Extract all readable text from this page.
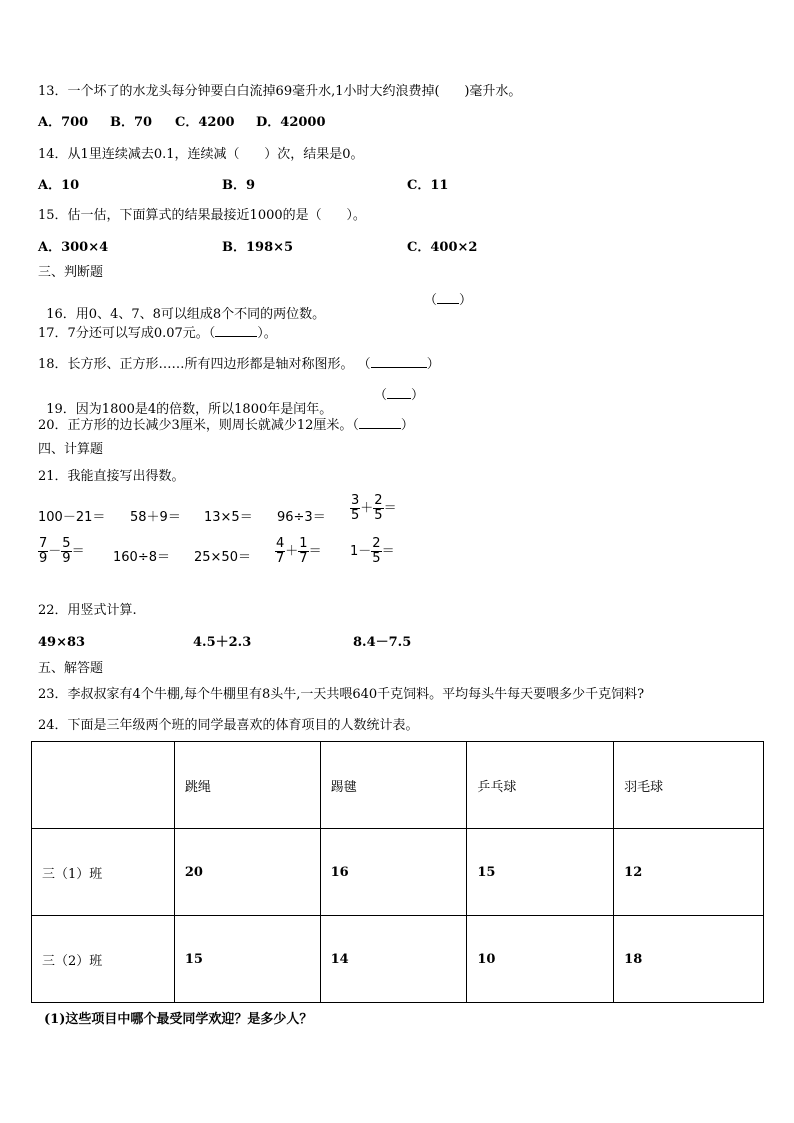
13．一个坏了的水龙头每分钟要白白流掉69毫升水,1小时大约浪费掉(      )毫升水。
A．700 B．70 C．4200 D．42000
14．从1里连续减去0.1，连续减（      ）次，结果是0。
A．10	B．9	C．11
15．估一估，下面算式的结果最接近1000的是（      ）。
A．300×4	B．198×5	C．400×2
三、判断题

16．用0、4、7、8可以组成8个不同的两位数。

（ ）
17．7分还可以写成0.07元。（	）。
18．长方形、正方形……所有四边形都是轴对称图形。 （	）

19．因为1800是4的倍数，所以1800年是闰年。

（ ）
20．正方形的边长减少3厘米，则周长就减少12厘米。（	）
四、计算题
21．我能直接写出得数。
$100-21= 58+9= 13\times 5= 96\div 3= \frac{3}{5} + \frac{2}{5}$ ＝
$\frac{7}{9} - \frac{5}{9} = 160\div 8= 25\times 50= \frac{4}{7} + \frac{1}{7} = 1- \frac{2}{5}$ ＝
22．用竖式计算.
49×83	4.5＋2.3	8.4－7.5
五、解答题
23．李叔叔家有4个牛棚,每个牛棚里有8头牛,一天共喂640千克饲料。平均每头牛每天要喂多少千克饲料?
24．下面是三年级两个班的同学最喜欢的体育项目的人数统计表。
	跳绳	踢毽	乒乓球	羽毛球
三（1）班	20	16	15	12
三（2）班	15	14	10	18
(1)这些项目中哪个最受同学欢迎？是多少人？
